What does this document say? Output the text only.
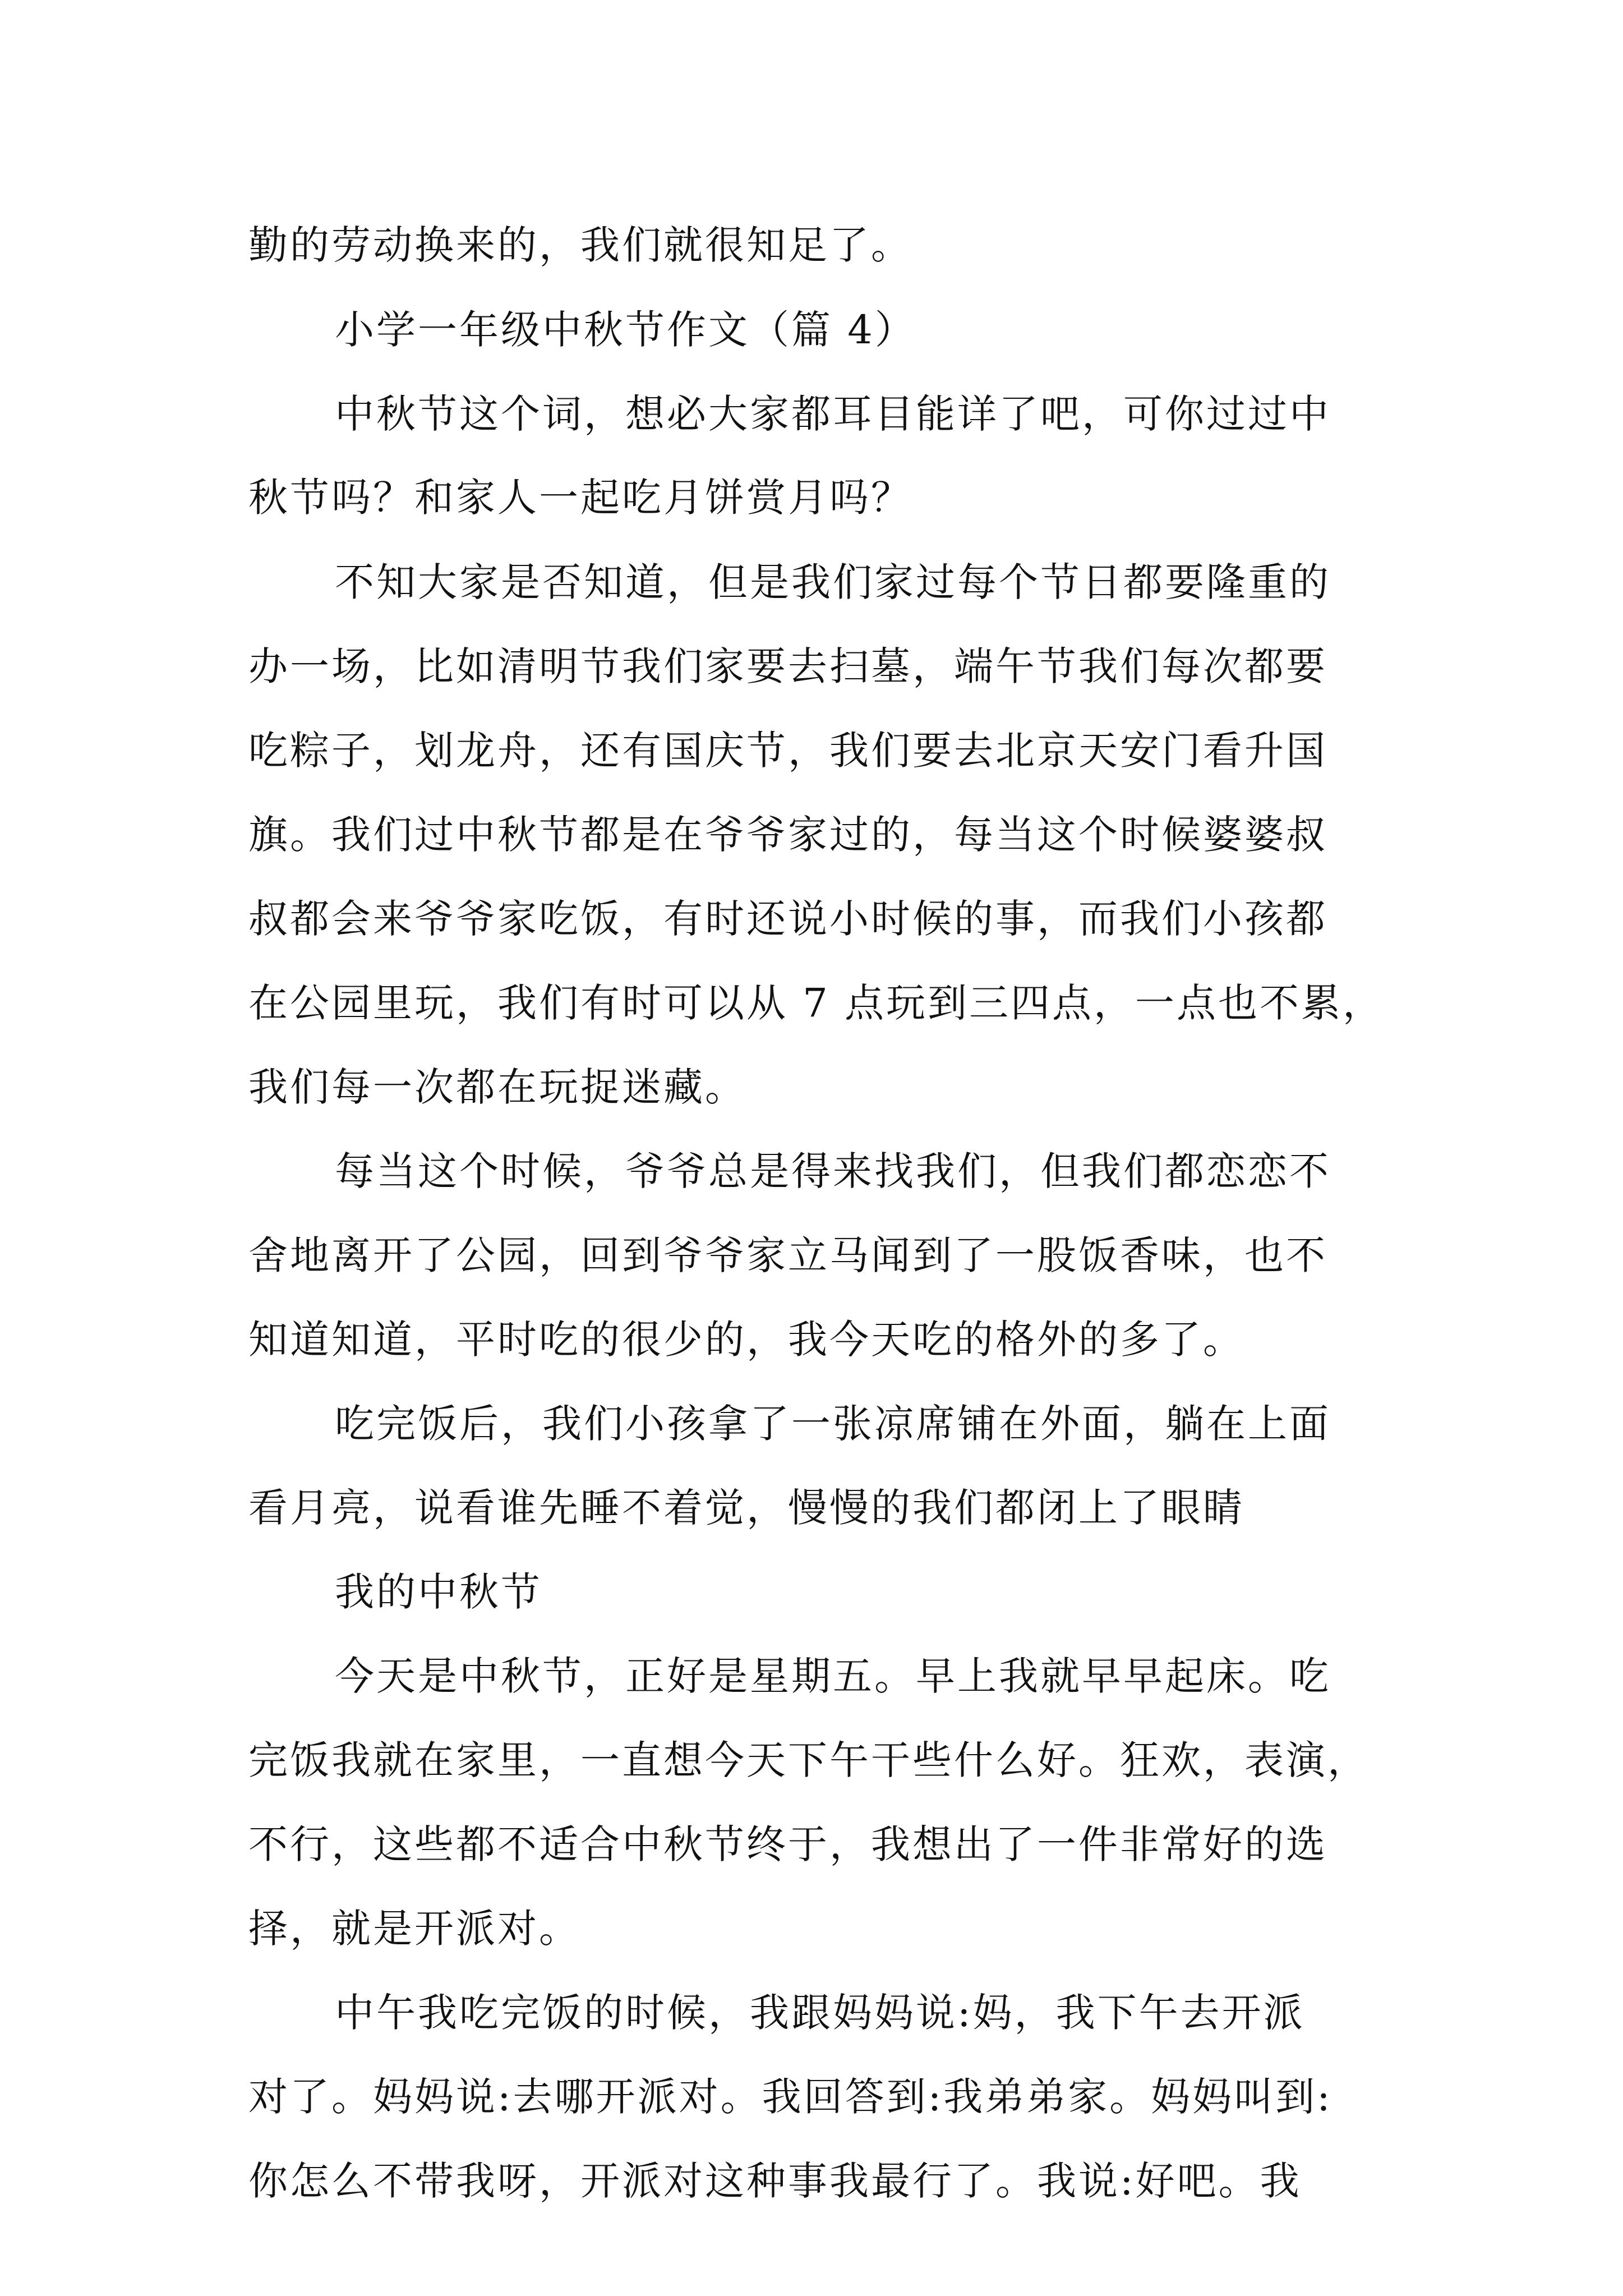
勤的劳动换来的，我们就很知足了。
小学一年级中秋节作文（篇 4）
中秋节这个词，想必大家都耳目能详了吧，可你过过中
秋节吗？和家人一起吃月饼赏月吗？
不知大家是否知道，但是我们家过每个节日都要隆重的
办一场，比如清明节我们家要去扫墓，端午节我们每次都要
吃粽子，划龙舟，还有国庆节，我们要去北京天安门看升国
旗。我们过中秋节都是在爷爷家过的，每当这个时候婆婆叔
叔都会来爷爷家吃饭，有时还说小时候的事，而我们小孩都
在公园里玩，我们有时可以从 7 点玩到三四点，一点也不累，
我们每一次都在玩捉迷藏。
每当这个时候，爷爷总是得来找我们，但我们都恋恋不
舍地离开了公园，回到爷爷家立马闻到了一股饭香味，也不
知道知道，平时吃的很少的，我今天吃的格外的多了。
吃完饭后，我们小孩拿了一张凉席铺在外面，躺在上面
看月亮，说看谁先睡不着觉，慢慢的我们都闭上了眼睛
我的中秋节
今天是中秋节，正好是星期五。早上我就早早起床。吃
完饭我就在家里，一直想今天下午干些什么好。狂欢，表演，
不行，这些都不适合中秋节终于，我想出了一件非常好的选
择，就是开派对。
中午我吃完饭的时候，我跟妈妈说:妈，我下午去开派
对了。妈妈说:去哪开派对。我回答到:我弟弟家。妈妈叫到:
你怎么不带我呀，开派对这种事我最行了。我说:好吧。我
